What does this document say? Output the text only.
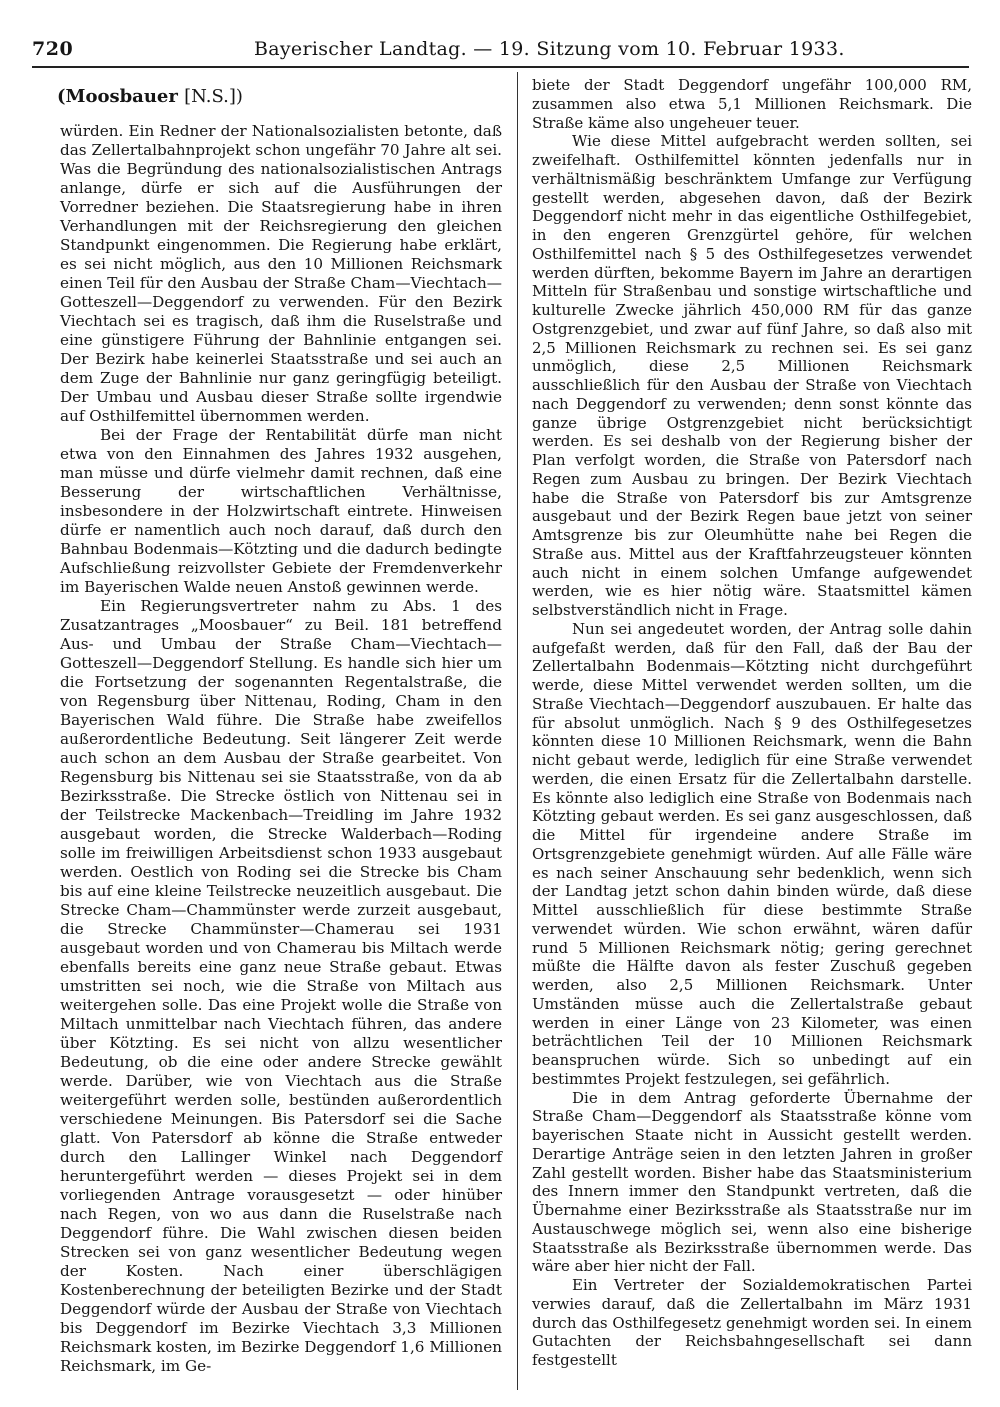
720	Bayerischer Landtag. — 19. Sitzung vom 10. Februar 1933.
(Moosbauer [N.S.])

würden. Ein Redner der Nationalsozialisten betonte, daß das Zellertalbahnprojekt schon ungefähr 70 Jahre alt sei. Was die Begründung des nationalsozialistischen Antrags anlange, dürfe er sich auf die Ausführungen der Vorredner beziehen. Die Staatsregierung habe in ihren Verhandlungen mit der Reichsregierung den gleichen Standpunkt eingenommen. Die Regierung habe erklärt, es sei nicht möglich, aus den 10 Millionen Reichsmark einen Teil für den Ausbau der Straße Cham—Viechtach—Gotteszell—Deggendorf zu verwenden. Für den Bezirk Viechtach sei es tragisch, daß ihm die Ruselstraße und eine günstigere Führung der Bahnlinie entgangen sei. Der Bezirk habe keinerlei Staatsstraße und sei auch an dem Zuge der Bahnlinie nur ganz geringfügig beteiligt. Der Umbau und Ausbau dieser Straße sollte irgendwie auf Osthilfemittel übernommen werden.

Bei der Frage der Rentabilität dürfe man nicht etwa von den Einnahmen des Jahres 1932 ausgehen, man müsse und dürfe vielmehr damit rechnen, daß eine Besserung der wirtschaftlichen Verhältnisse, insbesondere in der Holzwirtschaft eintrete. Hinweisen dürfe er namentlich auch noch darauf, daß durch den Bahnbau Bodenmais—Kötzting und die dadurch bedingte Aufschließung reizvollster Gebiete der Fremdenverkehr im Bayerischen Walde neuen Anstoß gewinnen werde.

Ein Regierungsvertreter nahm zu Abs. 1 des Zusatzantrages „Moosbauer“ zu Beil. 181 betreffend Aus- und Umbau der Straße Cham—Viechtach—Gotteszell—Deggendorf Stellung. Es handle sich hier um die Fortsetzung der sogenannten Regentalstraße, die von Regensburg über Nittenau, Roding, Cham in den Bayerischen Wald führe. Die Straße habe zweifellos außerordentliche Bedeutung. Seit längerer Zeit werde auch schon an dem Ausbau der Straße gearbeitet. Von Regensburg bis Nittenau sei sie Staatsstraße, von da ab Bezirksstraße. Die Strecke östlich von Nittenau sei in der Teilstrecke Mackenbach—Treidling im Jahre 1932 ausgebaut worden, die Strecke Walderbach—Roding solle im freiwilligen Arbeitsdienst schon 1933 ausgebaut werden. Oestlich von Roding sei die Strecke bis Cham bis auf eine kleine Teilstrecke neuzeitlich ausgebaut. Die Strecke Cham—Chammünster werde zurzeit ausgebaut, die Strecke Chammünster—Chamerau sei 1931 ausgebaut worden und von Chamerau bis Miltach werde ebenfalls bereits eine ganz neue Straße gebaut. Etwas umstritten sei noch, wie die Straße von Miltach aus weitergehen solle. Das eine Projekt wolle die Straße von Miltach unmittelbar nach Viechtach führen, das andere über Kötzting. Es sei nicht von allzu wesentlicher Bedeutung, ob die eine oder andere Strecke gewählt werde. Darüber, wie von Viechtach aus die Straße weitergeführt werden solle, bestünden außerordentlich verschiedene Meinungen. Bis Patersdorf sei die Sache glatt. Von Patersdorf ab könne die Straße entweder durch den Lallinger Winkel nach Deggendorf heruntergeführt werden — dieses Projekt sei in dem vorliegenden Antrage vorausgesetzt — oder hinüber nach Regen, von wo aus dann die Ruselstraße nach Deggendorf führe. Die Wahl zwischen diesen beiden Strecken sei von ganz wesentlicher Bedeutung wegen der Kosten. Nach einer überschlägigen Kostenberechnung der beteiligten Bezirke und der Stadt Deggendorf würde der Ausbau der Straße von Viechtach bis Deggendorf im Bezirke Viechtach 3,3 Millionen Reichsmark kosten, im Bezirke Deggendorf 1,6 Millionen Reichsmark, im Ge-

biete der Stadt Deggendorf ungefähr 100,000 RM, zusammen also etwa 5,1 Millionen Reichsmark. Die Straße käme also ungeheuer teuer.

Wie diese Mittel aufgebracht werden sollten, sei zweifelhaft. Osthilfemittel könnten jedenfalls nur in verhältnismäßig beschränktem Umfange zur Verfügung gestellt werden, abgesehen davon, daß der Bezirk Deggendorf nicht mehr in das eigentliche Osthilfegebiet, in den engeren Grenzgürtel gehöre, für welchen Osthilfemittel nach § 5 des Osthilfegesetzes verwendet werden dürften, bekomme Bayern im Jahre an derartigen Mitteln für Straßenbau und sonstige wirtschaftliche und kulturelle Zwecke jährlich 450,000 RM für das ganze Ostgrenzgebiet, und zwar auf fünf Jahre, so daß also mit 2,5 Millionen Reichsmark zu rechnen sei. Es sei ganz unmöglich, diese 2,5 Millionen Reichsmark ausschließlich für den Ausbau der Straße von Viechtach nach Deggendorf zu verwenden; denn sonst könnte das ganze übrige Ostgrenzgebiet nicht berücksichtigt werden. Es sei deshalb von der Regierung bisher der Plan verfolgt worden, die Straße von Patersdorf nach Regen zum Ausbau zu bringen. Der Bezirk Viechtach habe die Straße von Patersdorf bis zur Amtsgrenze ausgebaut und der Bezirk Regen baue jetzt von seiner Amtsgrenze bis zur Oleumhütte nahe bei Regen die Straße aus. Mittel aus der Kraftfahrzeugsteuer könnten auch nicht in einem solchen Umfange aufgewendet werden, wie es hier nötig wäre. Staatsmittel kämen selbstverständlich nicht in Frage.

Nun sei angedeutet worden, der Antrag solle dahin aufgefaßt werden, daß für den Fall, daß der Bau der Zellertalbahn Bodenmais—Kötzting nicht durchgeführt werde, diese Mittel verwendet werden sollten, um die Straße Viechtach—Deggendorf auszubauen. Er halte das für absolut unmöglich. Nach § 9 des Osthilfegesetzes könnten diese 10 Millionen Reichsmark, wenn die Bahn nicht gebaut werde, lediglich für eine Straße verwendet werden, die einen Ersatz für die Zellertalbahn darstelle. Es könnte also lediglich eine Straße von Bodenmais nach Kötzting gebaut werden. Es sei ganz ausgeschlossen, daß die Mittel für irgendeine andere Straße im Ortsgrenzgebiete genehmigt würden. Auf alle Fälle wäre es nach seiner Anschauung sehr bedenklich, wenn sich der Landtag jetzt schon dahin binden würde, daß diese Mittel ausschließlich für diese bestimmte Straße verwendet würden. Wie schon erwähnt, wären dafür rund 5 Millionen Reichsmark nötig; gering gerechnet müßte die Hälfte davon als fester Zuschuß gegeben werden, also 2,5 Millionen Reichsmark. Unter Umständen müsse auch die Zellertalstraße gebaut werden in einer Länge von 23 Kilometer, was einen beträchtlichen Teil der 10 Millionen Reichsmark beanspruchen würde. Sich so unbedingt auf ein bestimmtes Projekt festzulegen, sei gefährlich.

Die in dem Antrag geforderte Übernahme der Straße Cham—Deggendorf als Staatsstraße könne vom bayerischen Staate nicht in Aussicht gestellt werden. Derartige Anträge seien in den letzten Jahren in großer Zahl gestellt worden. Bisher habe das Staatsministerium des Innern immer den Standpunkt vertreten, daß die Übernahme einer Bezirksstraße als Staatsstraße nur im Austauschwege möglich sei, wenn also eine bisherige Staatsstraße als Bezirksstraße übernommen werde. Das wäre aber hier nicht der Fall.

Ein Vertreter der Sozialdemokratischen Partei verwies darauf, daß die Zellertalbahn im März 1931 durch das Osthilfegesetz genehmigt worden sei. In einem Gutachten der Reichsbahngesellschaft sei dann festgestellt
